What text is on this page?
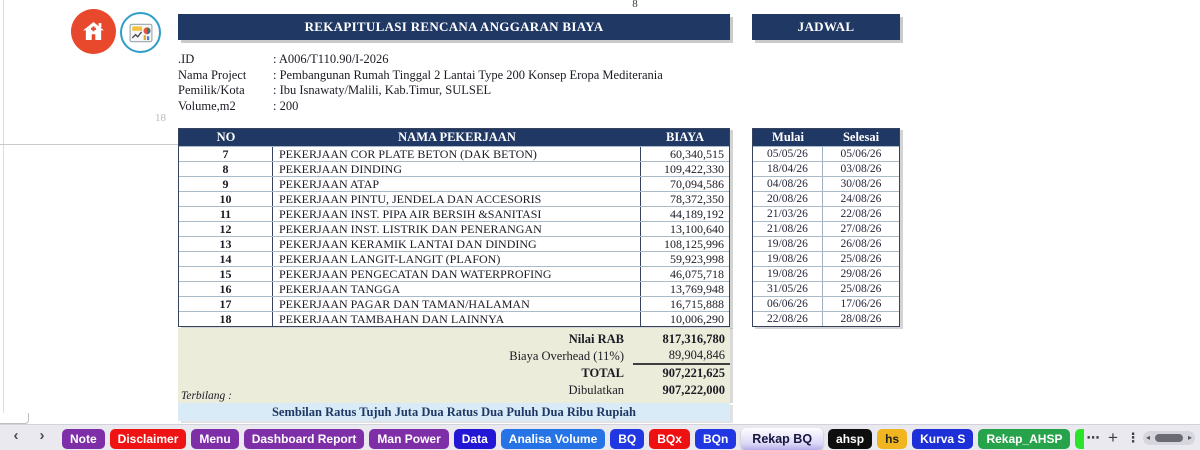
8
18
REKAPITULASI RENCANA ANGGARAN BIAYA	JADWAL
.ID	: A006/T110.90/I-2026
Nama Project	: Pembangunan Rumah Tinggal 2 Lantai Type 200 Konsep Eropa Mediterania
Pemilik/Kota	: Ibu Isnawaty/Malili, Kab.Timur, SULSEL
Volume,m2	: 200
NO	NAMA PEKERJAAN	BIAYA
7	PEKERJAAN COR PLATE BETON (DAK BETON)	60,340,515
8	PEKERJAAN DINDING	109,422,330
9	PEKERJAAN ATAP	70,094,586
10	PEKERJAAN PINTU, JENDELA DAN ACCESORIS	78,372,350
11	PEKERJAAN INST. PIPA AIR BERSIH &SANITASI	44,189,192
12	PEKERJAAN INST. LISTRIK DAN PENERANGAN	13,100,640
13	PEKERJAAN KERAMIK LANTAI DAN DINDING	108,125,996
14	PEKERJAAN LANGIT-LANGIT (PLAFON)	59,923,998
15	PEKERJAAN PENGECATAN DAN WATERPROFING	46,075,718
16	PEKERJAAN TANGGA	13,769,948
17	PEKERJAAN PAGAR DAN TAMAN/HALAMAN	16,715,888
18	PEKERJAAN TAMBAHAN DAN LAINNYA	10,006,290
Mulai	Selesai
05/05/26	05/06/26
18/04/26	03/08/26
04/08/26	30/08/26
20/08/26	24/08/26
21/03/26	22/08/26
21/08/26	27/08/26
19/08/26	26/08/26
19/08/26	25/08/26
19/08/26	29/08/26
31/05/26	25/08/26
06/06/26	17/06/26
22/08/26	28/08/26
Nilai RAB	817,316,780
Biaya Overhead (11%)	89,904,846
TOTAL	907,221,625
Dibulatkan	907,222,000
Terbilang :
Sembilan Ratus Tujuh Juta Dua Ratus Dua Puluh Dua Ribu Rupiah
‹	›	Note	Disclaimer	Menu	Dashboard Report	Man Power	Data	Analisa Volume	BQ	BQx	BQn	Rekap BQ	ahsp	hs	Kurva S	Rekap_AHSP	⋯ + ⋮ ◂	▸
